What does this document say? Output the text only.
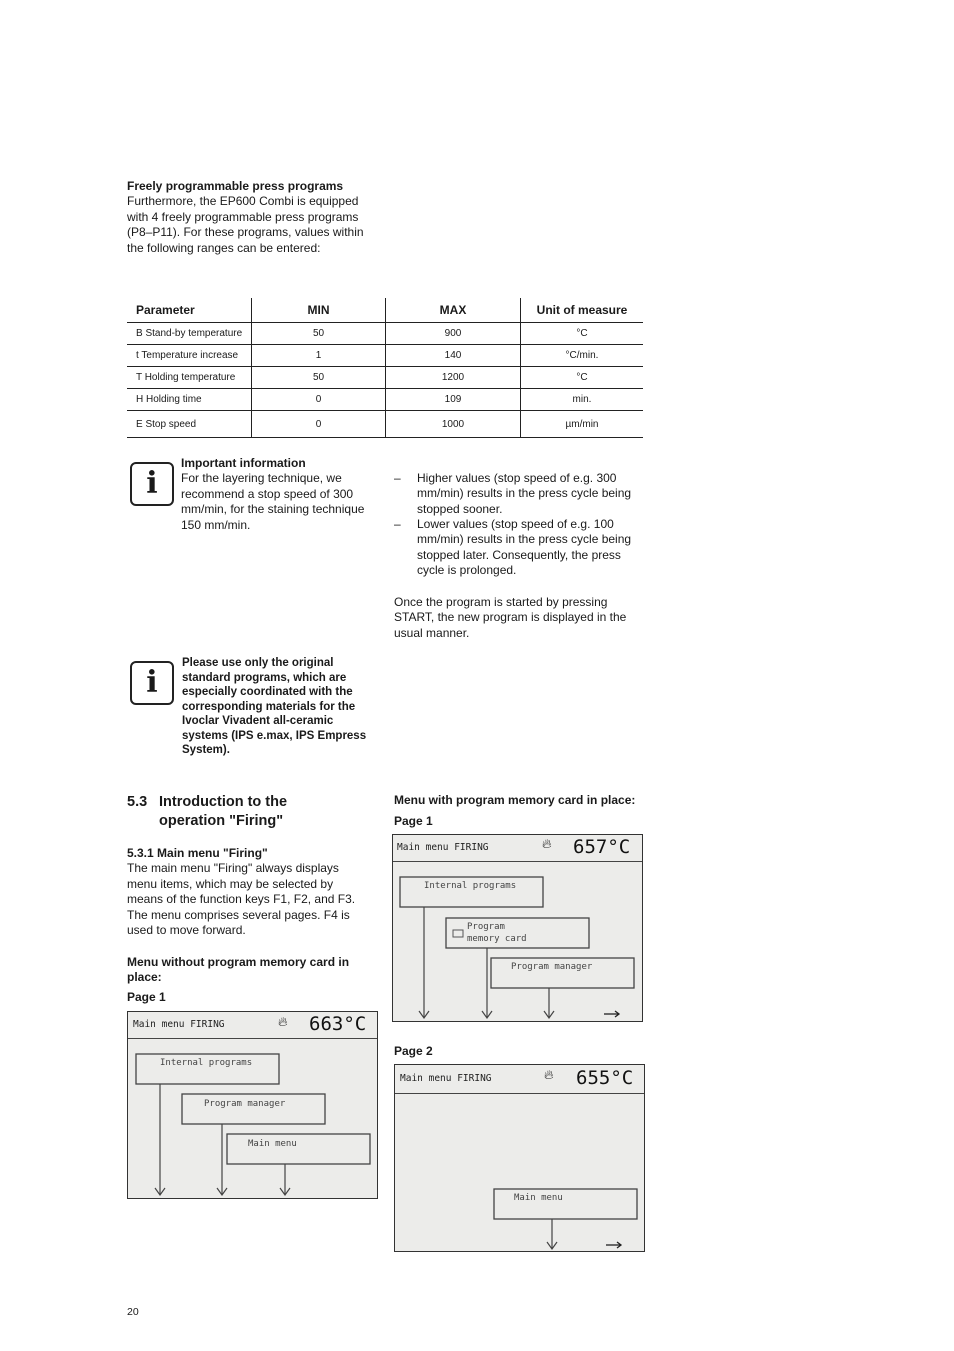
Freely programmable press programs

Furthermore, the EP600 Combi is equipped with 4 freely programmable press programs (P8–P11). For these programs, values within the following ranges can be entered:

Parameter	MIN	MAX	Unit of measure
B Stand-by temperature	50	900	°C
t Temperature increase	1	140	°C/min.
T Holding temperature	50	1200	°C
H Holding time	0	109	min.
E Stop speed	0	1000	µm/min
i

Important information

For the layering technique, we recommend a stop speed of 300 mm/min, for the staining technique 150 mm/min.

– Higher values (stop speed of e.g. 300 mm/min) results in the press cycle being stopped sooner.

– Lower values (stop speed of e.g. 100 mm/min) results in the press cycle being stopped later. Consequently, the press cycle is prolonged.

Once the program is started by pressing START, the new program is displayed in the usual manner.

i

Please use only the original standard programs, which are especially coordinated with the corresponding materials for the Ivoclar Vivadent all-ceramic systems (IPS e.max, IPS Empress System).

5.3 Introduction to the
operation "Firing"

5.3.1 Main menu "Firing"

The main menu "Firing" always displays menu items, which may be selected by means of the function keys F1, F2, and F3. The menu comprises several pages. F4 is used to move forward.

Menu without program memory card in place:

Page 1

Menu with program memory card in place:

Page 1

Page 2

Main menu FIRING	🔥︎ 663°C
Internal programs
Program manager
Main menu
Main menu FIRING	🔥︎ 657°C
Internal programs
Program
memory card
Program manager
Main menu FIRING	🔥︎ 655°C
Main menu

20
